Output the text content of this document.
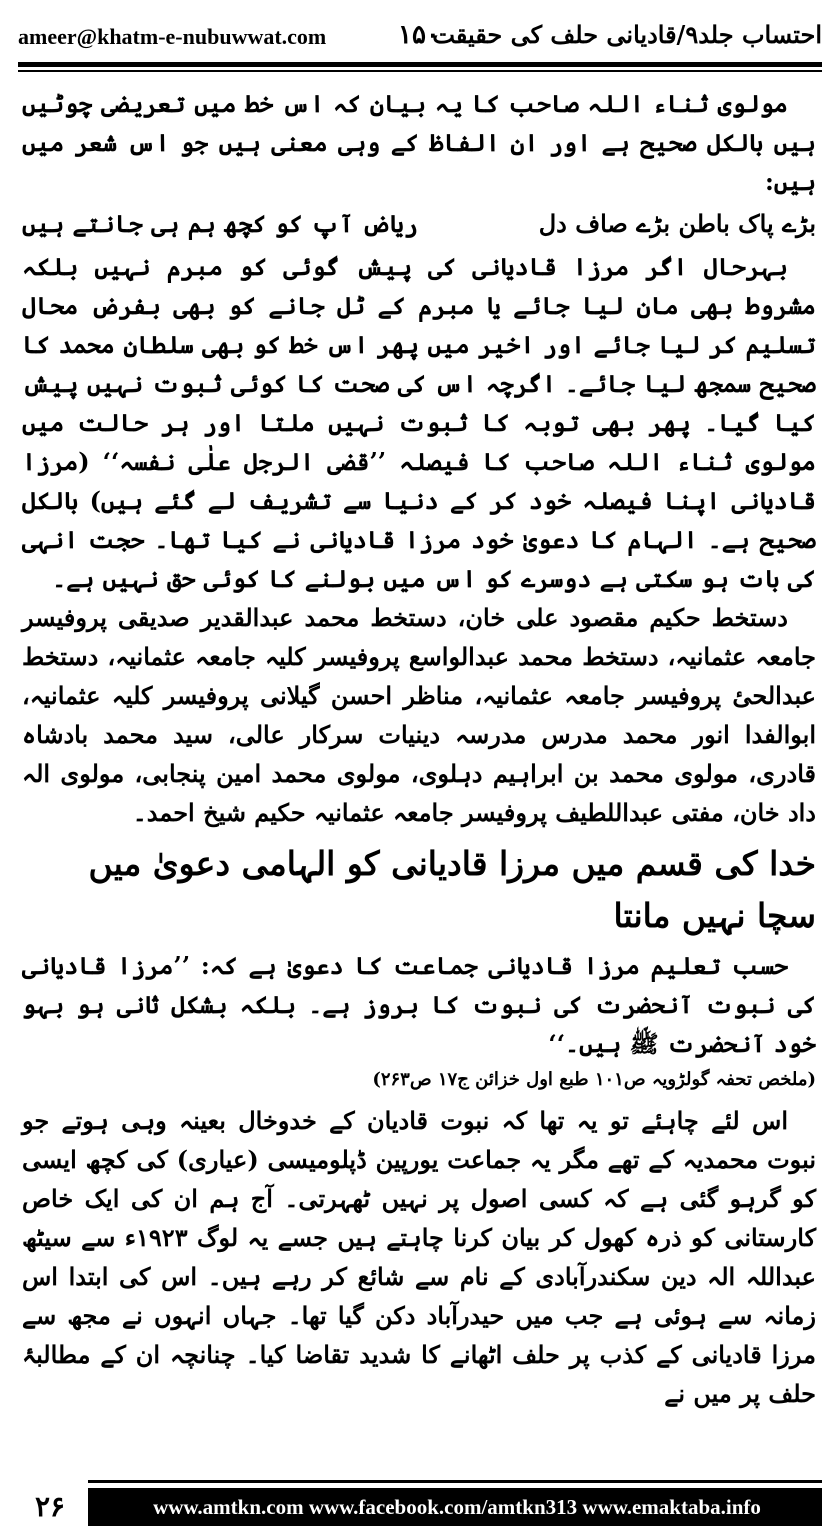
ameer@khatm-e-nubuwwat.com	۱۵۰
احتساب جلد۹/قادیانی حلف کی حقیقت

مولوی ثناء اللہ صاحب کا یہ بیان کہ اس خط میں تعریضی چوٹیں ہیں بالکل صحیح ہے اور ان الفاظ کے وہی معنی ہیں جو اس شعر میں ہیں:

بڑے پاک باطن بڑے صاف دل
ریاض آپ کو کچھ ہم ہی جانتے ہیں

بہرحال اگر مرزا قادیانی کی پیش گوئی کو مبرم نہیں بلکہ مشروط بھی مان لیا جائے یا مبرم کے ٹل جانے کو بھی بفرض محال تسلیم کر لیا جائے اور اخیر میں پھر اس خط کو بھی سلطان محمد کا صحیح سمجھ لیا جائے۔ اگرچہ اس کی صحت کا کوئی ثبوت نہیں پیش کیا گیا۔ پھر بھی توبہ کا ثبوت نہیں ملتا اور ہر حالت میں مولوی ثناء اللہ صاحب کا فیصلہ ’’قضی الرجل علٰی نفسہ‘‘ (مرزا قادیانی اپنا فیصلہ خود کر کے دنیا سے تشریف لے گئے ہیں) بالکل صحیح ہے۔ الہام کا دعویٰ خود مرزا قادیانی نے کیا تھا۔ حجت انہی کی بات ہو سکتی ہے دوسرے کو اس میں بولنے کا کوئی حق نہیں ہے۔

دستخط حکیم مقصود علی خان، دستخط محمد عبدالقدیر صدیقی پروفیسر جامعہ عثمانیہ، دستخط محمد عبدالواسع پروفیسر کلیہ جامعہ عثمانیہ، دستخط عبدالحیٔ پروفیسر جامعہ عثمانیہ، مناظر احسن گیلانی پروفیسر کلیہ عثمانیہ، ابوالفدا انور محمد مدرس مدرسہ دینیات سرکار عالی، سید محمد بادشاہ قادری، مولوی محمد بن ابراہیم دہلوی، مولوی محمد امین پنجابی، مولوی الہ داد خان، مفتی عبداللطیف پروفیسر جامعہ عثمانیہ حکیم شیخ احمد۔

خدا کی قسم میں مرزا قادیانی کو الہامی دعویٰ میں سچا نہیں مانتا

حسب تعلیم مرزا قادیانی جماعت کا دعویٰ ہے کہ: ’’مرزا قادیانی کی نبوت آنحضرت کی نبوت کا بروز ہے۔ بلکہ بشکل ثانی ہو بہو خود آنحضرت ﷺ ہیں۔‘‘

(ملخص تحفہ گولڑویہ ص۱۰۱ طبع اول خزائن ج۱۷ ص۲۶۳)

اس لئے چاہئے تو یہ تھا کہ نبوت قادیان کے خدوخال بعینہ وہی ہوتے جو نبوت محمدیہ کے تھے مگر یہ جماعت یورپین ڈپلومیسی (عیاری) کی کچھ ایسی کو گرہو گئی ہے کہ کسی اصول پر نہیں ٹھہرتی۔ آج ہم ان کی ایک خاص کارستانی کو ذرہ کھول کر بیان کرنا چاہتے ہیں جسے یہ لوگ ۱۹۲۳ء سے سیٹھ عبداللہ الہ دین سکندرآبادی کے نام سے شائع کر رہے ہیں۔ اس کی ابتدا اس زمانہ سے ہوئی ہے جب میں حیدرآباد دکن گیا تھا۔ جہاں انہوں نے مجھ سے مرزا قادیانی کے کذب پر حلف اٹھانے کا شدید تقاضا کیا۔ چنانچہ ان کے مطالبۂ حلف پر میں نے

۲۶	www.amtkn.com www.facebook.com/amtkn313 www.emaktaba.info
